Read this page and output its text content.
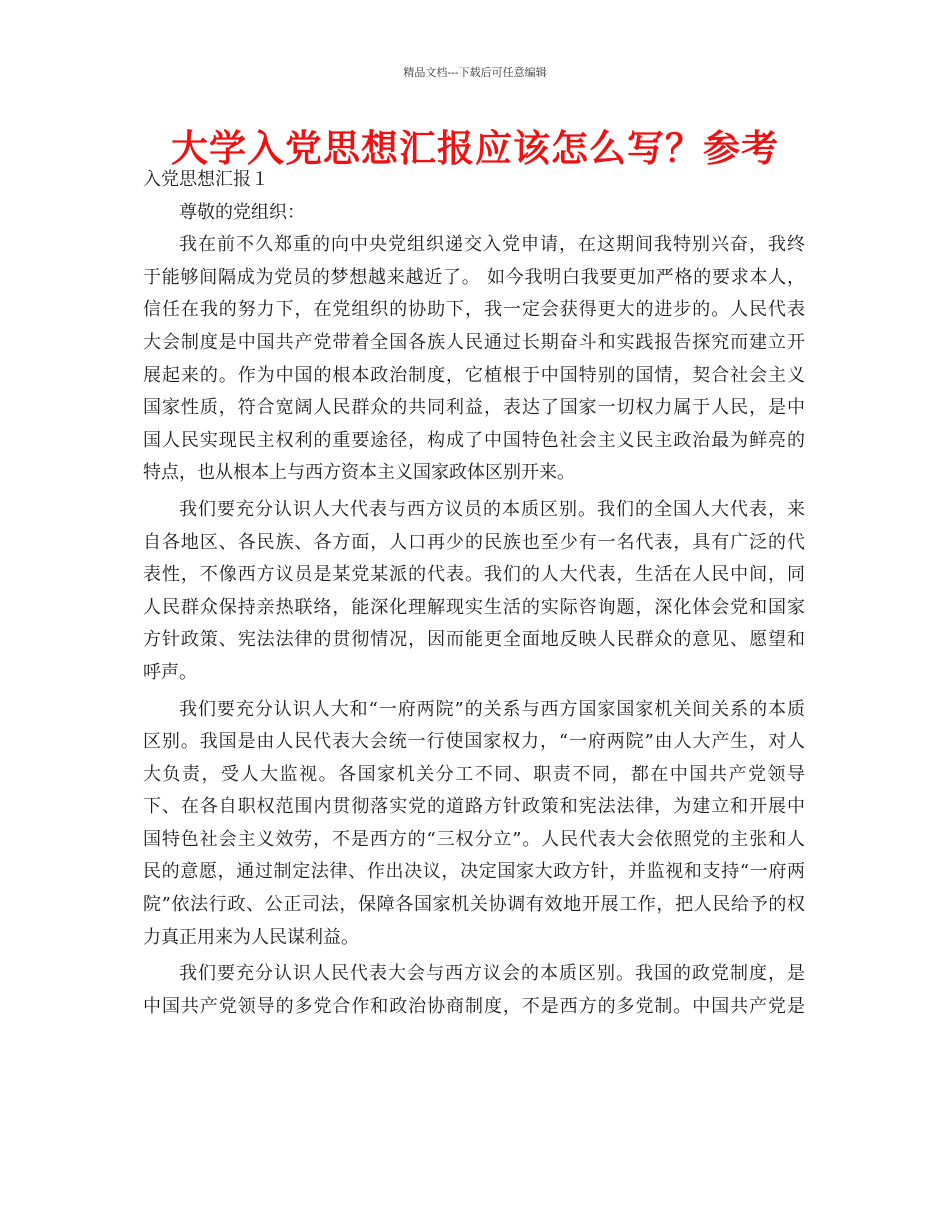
精品文档---下载后可任意编辑
大学入党思想汇报应该怎么写？参考
入党思想汇报１
尊敬的党组织：
我在前不久郑重的向中央党组织递交入党申请，在这期间我特别兴奋，我终
于能够间隔成为党员的梦想越来越近了。 如今我明白我要更加严格的要求本人，
信任在我的努力下，在党组织的协助下，我一定会获得更大的进步的。人民代表
大会制度是中国共产党带着全国各族人民通过长期奋斗和实践报告探究而建立开
展起来的。作为中国的根本政治制度，它植根于中国特别的国情，契合社会主义
国家性质，符合宽阔人民群众的共同利益，表达了国家一切权力属于人民，是中
国人民实现民主权利的重要途径，构成了中国特色社会主义民主政治最为鲜亮的
特点，也从根本上与西方资本主义国家政体区别开来。
我们要充分认识人大代表与西方议员的本质区别。我们的全国人大代表，来
自各地区、各民族、各方面，人口再少的民族也至少有一名代表，具有广泛的代
表性，不像西方议员是某党某派的代表。我们的人大代表，生活在人民中间，同
人民群众保持亲热联络，能深化理解现实生活的实际咨询题，深化体会党和国家
方针政策、宪法法律的贯彻情况，因而能更全面地反映人民群众的意见、愿望和
呼声。
我们要充分认识人大和“一府两院”的关系与西方国家国家机关间关系的本质
区别。我国是由人民代表大会统一行使国家权力，“一府两院”由人大产生，对人
大负责，受人大监视。各国家机关分工不同、职责不同，都在中国共产党领导
下、在各自职权范围内贯彻落实党的道路方针政策和宪法法律，为建立和开展中
国特色社会主义效劳，不是西方的“三权分立”。人民代表大会依照党的主张和人
民的意愿，通过制定法律、作出决议，决定国家大政方针，并监视和支持“一府两
院”依法行政、公正司法，保障各国家机关协调有效地开展工作，把人民给予的权
力真正用来为人民谋利益。
我们要充分认识人民代表大会与西方议会的本质区别。我国的政党制度，是
中国共产党领导的多党合作和政治协商制度，不是西方的多党制。中国共产党是
